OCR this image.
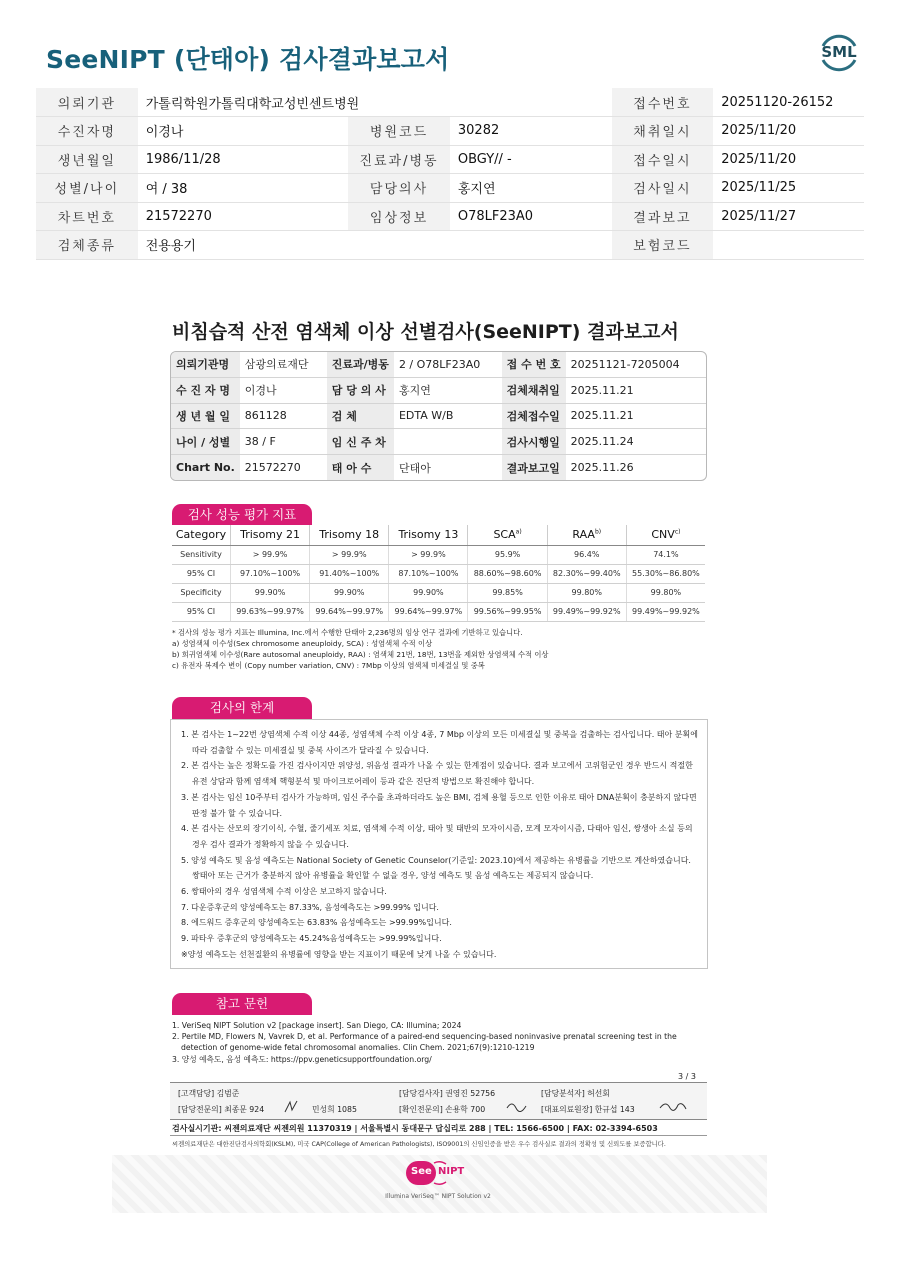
SeeNIPT (단태아) 검사결과보고서	SML
의뢰기관	가톨릭학원가톨릭대학교성빈센트병원			접수번호	20251120-26152
수진자명	이경나	병원코드	30282	채취일시	2025/11/20
생년월일	1986/11/28	진료과/병동	OBGY// -	접수일시	2025/11/20
성별/나이	여 / 38	담당의사	홍지연	검사일시	2025/11/25
차트번호	21572270	임상정보	O78LF23A0	결과보고	2025/11/27
검체종류	전용용기			보험코드	
비침습적 산전 염색체 이상 선별검사(SeeNIPT) 결과보고서
의뢰기관명	삼광의료재단	진료과/병동	2 / O78LF23A0	접 수 번 호	20251121-7205004
수 진 자 명	이경나	담 당 의 사	홍지연	검체채취일	2025.11.21
생 년 월 일	861128	검 체	EDTA W/B	검체접수일	2025.11.21
나이 / 성별	38 / F	임 신 주 차		검사시행일	2025.11.24
Chart No.	21572270	태 아 수	단태아	결과보고일	2025.11.26
검사 성능 평가 지표
Category	Trisomy 21	Trisomy 18	Trisomy 13	SCA$^{a)}$	RAA$^{b)}$	CNV$^{c)}$
Sensitivity	> 99.9%	> 99.9%	> 99.9%	95.9%	96.4%	74.1%
95% CI	97.10%~100%	91.40%~100%	87.10%~100%	88.60%~98.60%	82.30%~99.40%	55.30%~86.80%
Specificity	99.90%	99.90%	99.90%	99.85%	99.80%	99.80%
95% CI	99.63%~99.97%	99.64%~99.97%	99.64%~99.97%	99.56%~99.95%	99.49%~99.92%	99.49%~99.92%
* 검사의 성능 평가 지표는 Illumina, Inc.에서 수행한 단태아 2,236명의 임상 연구 결과에 기반하고 있습니다.
a) 성염색체 이수성(Sex chromosome aneuploidy, SCA) : 성염색체 수적 이상
b) 희귀염색체 이수성(Rare autosomal aneuploidy, RAA) : 염색체 21번, 18번, 13번을 제외한 상염색체 수적 이상
c) 유전자 복제수 변이 (Copy number variation, CNV) : 7Mbp 이상의 염색체 미세결실 및 중복
검사의 한계
1. 본 검사는 1~22번 상염색체 수적 이상 44종, 성염색체 수적 이상 4종, 7 Mbp 이상의 모든 미세결실 및 중복을 검출하는 검사입니다. 태아 분획에 따라 검출할 수 있는 미세결실 및 중복 사이즈가 달라질 수 있습니다.
2. 본 검사는 높은 정확도를 가진 검사이지만 위양성, 위음성 결과가 나올 수 있는 한계점이 있습니다. 결과 보고에서 고위험군인 경우 반드시 적절한 유전 상담과 함께 염색체 핵형분석 및 마이크로어레이 등과 같은 진단적 방법으로 확진해야 합니다.
3. 본 검사는 임신 10주부터 검사가 가능하며, 임신 주수를 초과하더라도 높은 BMI, 검체 용혈 등으로 인한 이유로 태아 DNA분획이 충분하지 않다면 판정 불가 할 수 있습니다.
4. 본 검사는 산모의 장기이식, 수혈, 줄기세포 치료, 염색체 수적 이상, 태아 및 태반의 모자이시즘, 모계 모자이시즘, 다태아 임신, 쌍생아 소실 등의 경우 검사 결과가 정확하지 않을 수 있습니다.
5. 양성 예측도 및 음성 예측도는 National Society of Genetic Counselor(기준일: 2023.10)에서 제공하는 유병률을 기반으로 계산하였습니다. 쌍태아 또는 근거가 충분하지 않아 유병률을 확인할 수 없을 경우, 양성 예측도 및 음성 예측도는 제공되지 않습니다.
6. 쌍태아의 경우 성염색체 수적 이상은 보고하지 않습니다.
7. 다운증후군의 양성예측도는 87.33%, 음성예측도는 >99.99% 입니다.
8. 에드워드 증후군의 양성예측도는 63.83% 음성예측도는 >99.99%입니다.
9. 파타우 증후군의 양성예측도는 45.24%음성예측도는 >99.99%입니다.
※양성 예측도는 선천질환의 유병률에 영향을 받는 지표이기 때문에 낮게 나올 수 있습니다.
참고 문헌
1. VeriSeq NIPT Solution v2 [package insert]. San Diego, CA: Illumina; 2024
2. Pertile MD, Flowers N, Vavrek D, et al. Performance of a paired-end sequencing-based noninvasive prenatal screening test in the detection of genome-wide fetal chromosomal anomalies. Clin Chem. 2021;67(9):1210-1219
3. 양성 예측도, 음성 예측도: https://ppv.geneticsupportfoundation.org/
3 / 3
[고객담당] 김범준	[담당검사자] 권영진 52756	[담당분석자] 허선회
[담당전문의] 최종문 924	민성희 1085	[확인전문의] 손용학 700	[대표의료원장] 한규섭 143
검사실시기관: 씨젠의료재단 씨젠의원 11370319 | 서울특별시 동대문구 답십리로 288 | TEL: 1566-6500 | FAX: 02-3394-6503
씨젠의료재단은 대한진단검사의학회(KSLM), 미국 CAP(College of American Pathologists), ISO9001의 신임인증을 받은 우수 검사실로 결과의 정확성 및 신뢰도를 보증합니다.
See NIPT
Illumina VeriSeq™ NIPT Solution v2
